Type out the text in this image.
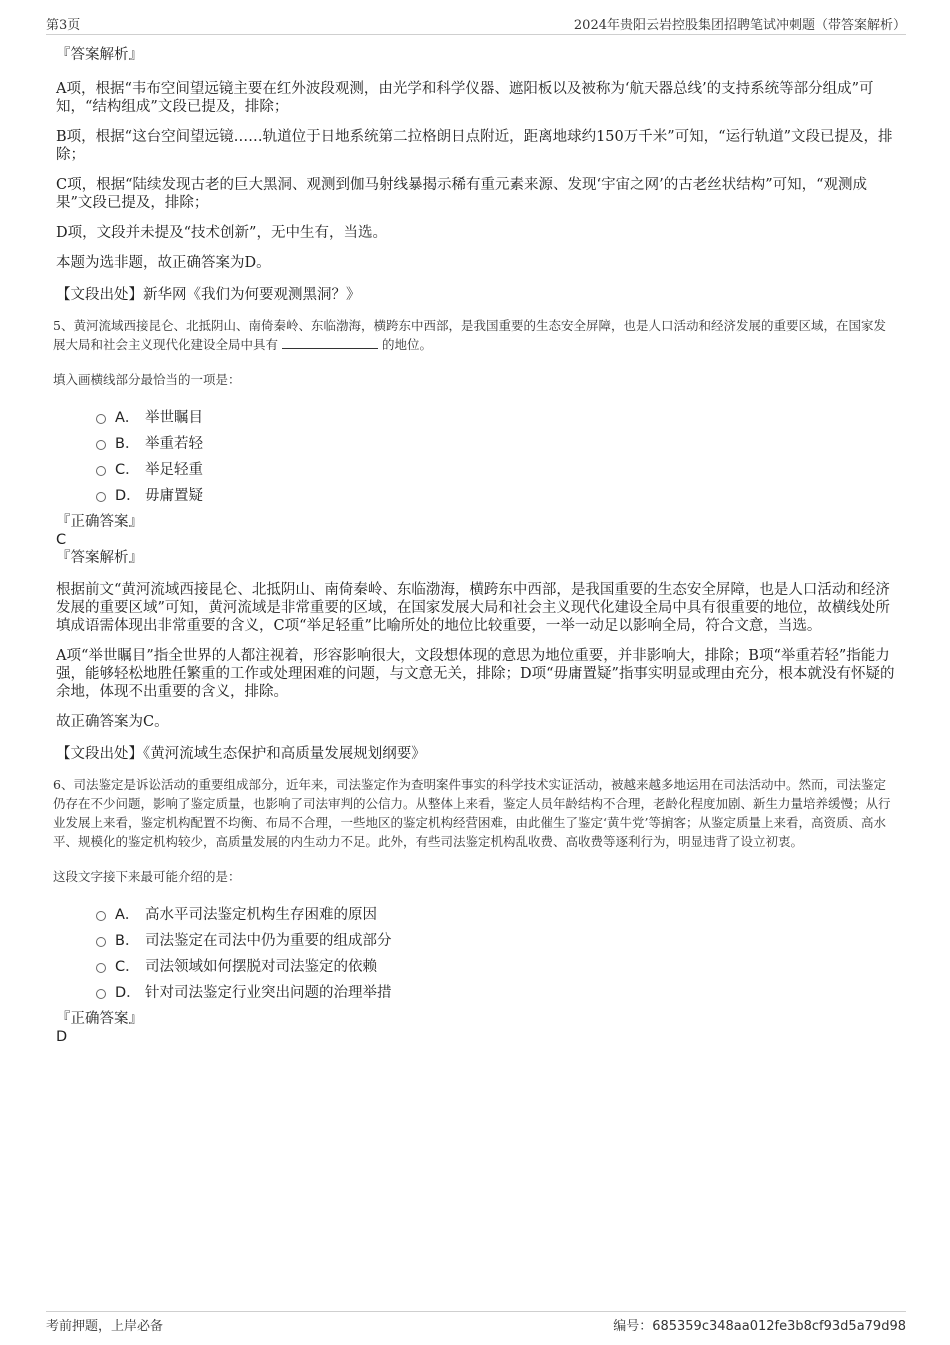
第3页	2024年贵阳云岩控股集团招聘笔试冲刺题（带答案解析）

『答案解析』

A项，根据“韦布空间望远镜主要在红外波段观测，由光学和科学仪器、遮阳板以及被称为‘航天器总线’的支持系统等部分组成”可知，“结构组成”文段已提及，排除；

B项，根据“这台空间望远镜……轨道位于日地系统第二拉格朗日点附近，距离地球约150万千米”可知，“运行轨道”文段已提及，排除；

C项，根据“陆续发现古老的巨大黑洞、观测到伽马射线暴揭示稀有重元素来源、发现‘宇宙之网’的古老丝状结构”可知，“观测成果”文段已提及，排除；

D项，文段并未提及“技术创新”，无中生有，当选。

本题为选非题，故正确答案为D。

【文段出处】新华网《我们为何要观测黑洞？》

5、黄河流域西接昆仑、北抵阴山、南倚秦岭、东临渤海，横跨东中西部，是我国重要的生态安全屏障，也是人口活动和经济发展的重要区域，在国家发展大局和社会主义现代化建设全局中具有	的地位。

填入画横线部分最恰当的一项是：

A． 举世瞩目
B． 举重若轻
C． 举足轻重
D． 毋庸置疑

『正确答案』

C

『答案解析』

根据前文“黄河流域西接昆仑、北抵阴山、南倚秦岭、东临渤海，横跨东中西部，是我国重要的生态安全屏障，也是人口活动和经济发展的重要区域”可知，黄河流域是非常重要的区域，在国家发展大局和社会主义现代化建设全局中具有很重要的地位，故横线处所填成语需体现出非常重要的含义，C项“举足轻重”比喻所处的地位比较重要，一举一动足以影响全局，符合文意，当选。

A项“举世瞩目”指全世界的人都注视着，形容影响很大，文段想体现的意思为地位重要，并非影响大，排除；B项“举重若轻”指能力强，能够轻松地胜任繁重的工作或处理困难的问题，与文意无关，排除；D项“毋庸置疑”指事实明显或理由充分，根本就没有怀疑的余地，体现不出重要的含义，排除。

故正确答案为C。

【文段出处】《黄河流域生态保护和高质量发展规划纲要》

6、司法鉴定是诉讼活动的重要组成部分，近年来，司法鉴定作为查明案件事实的科学技术实证活动，被越来越多地运用在司法活动中。然而，司法鉴定仍存在不少问题，影响了鉴定质量，也影响了司法审判的公信力。从整体上来看，鉴定人员年龄结构不合理，老龄化程度加剧、新生力量培养缓慢；从行业发展上来看，鉴定机构配置不均衡、布局不合理，一些地区的鉴定机构经营困难，由此催生了鉴定‘黄牛党’等掮客；从鉴定质量上来看，高资质、高水平、规模化的鉴定机构较少，高质量发展的内生动力不足。此外，有些司法鉴定机构乱收费、高收费等逐利行为，明显违背了设立初衷。

这段文字接下来最可能介绍的是：

A． 高水平司法鉴定机构生存困难的原因
B． 司法鉴定在司法中仍为重要的组成部分
C． 司法领域如何摆脱对司法鉴定的依赖
D． 针对司法鉴定行业突出问题的治理举措

『正确答案』

D

考前押题，上岸必备	编号：685359c348aa012fe3b8cf93d5a79d98
